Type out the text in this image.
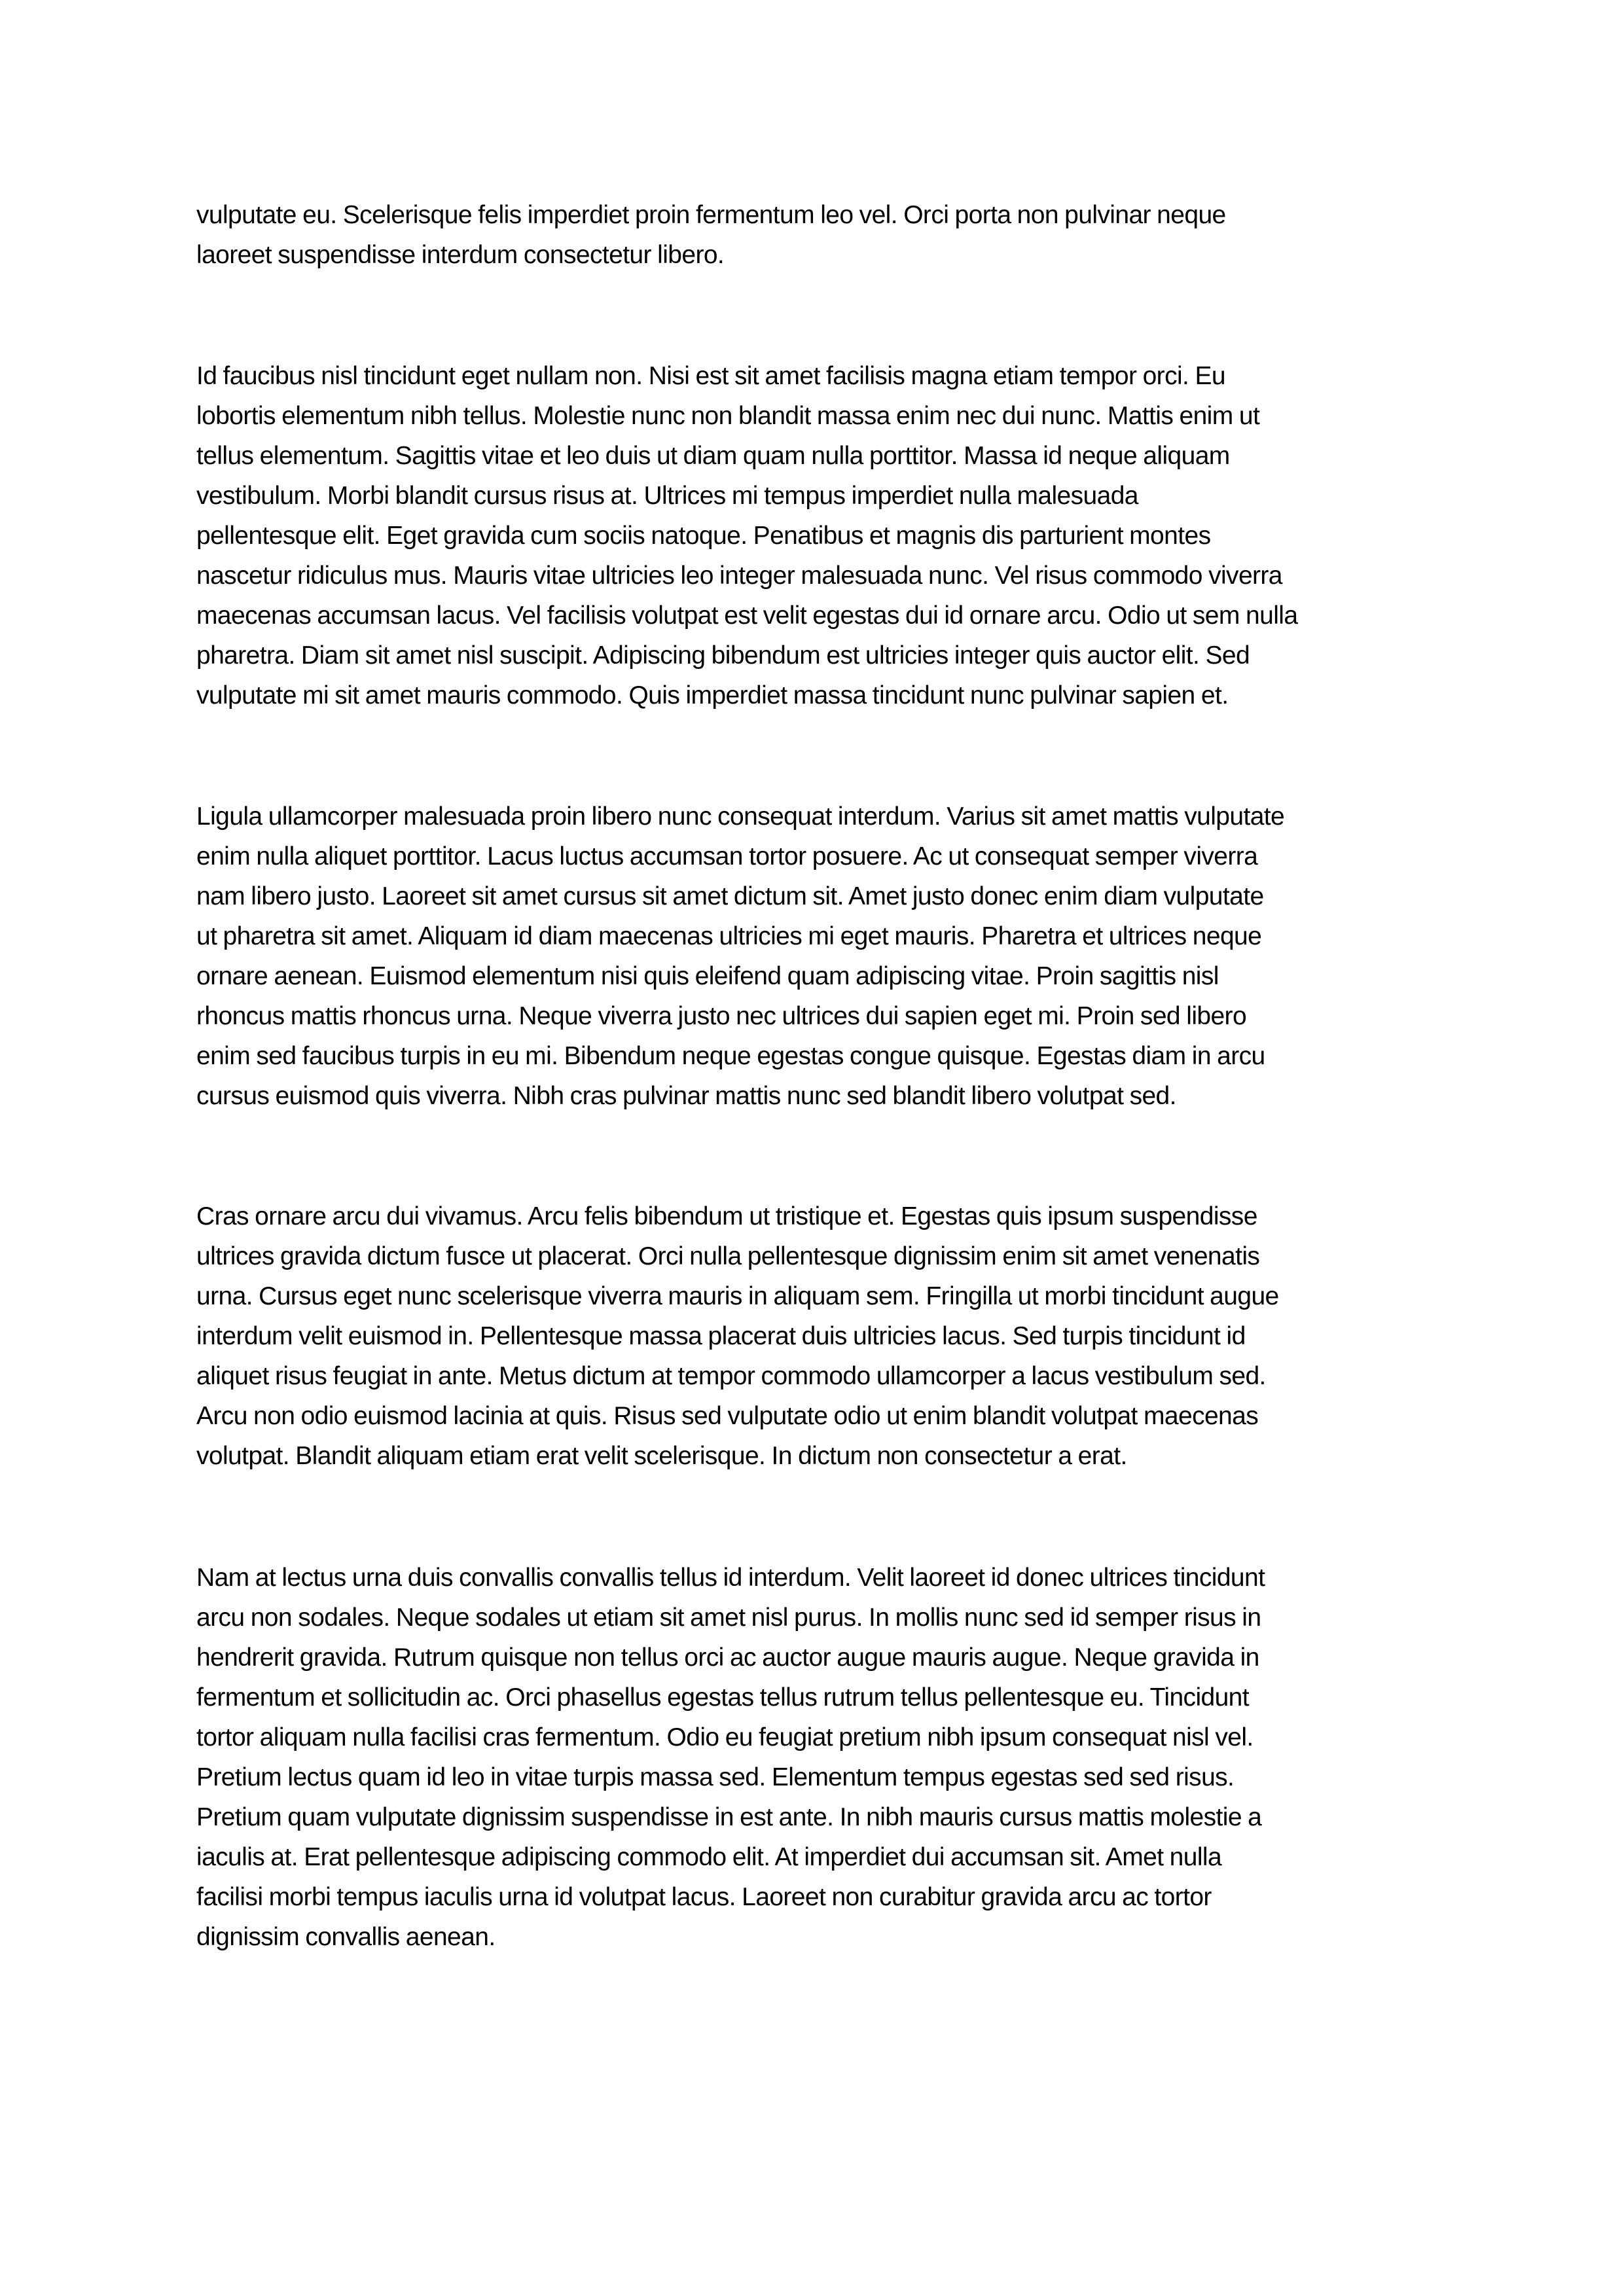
vulputate eu. Scelerisque felis imperdiet proin fermentum leo vel. Orci porta non pulvinar neque
laoreet suspendisse interdum consectetur libero.
Id faucibus nisl tincidunt eget nullam non. Nisi est sit amet facilisis magna etiam tempor orci. Eu
lobortis elementum nibh tellus. Molestie nunc non blandit massa enim nec dui nunc. Mattis enim ut
tellus elementum. Sagittis vitae et leo duis ut diam quam nulla porttitor. Massa id neque aliquam
vestibulum. Morbi blandit cursus risus at. Ultrices mi tempus imperdiet nulla malesuada
pellentesque elit. Eget gravida cum sociis natoque. Penatibus et magnis dis parturient montes
nascetur ridiculus mus. Mauris vitae ultricies leo integer malesuada nunc. Vel risus commodo viverra
maecenas accumsan lacus. Vel facilisis volutpat est velit egestas dui id ornare arcu. Odio ut sem nulla
pharetra. Diam sit amet nisl suscipit. Adipiscing bibendum est ultricies integer quis auctor elit. Sed
vulputate mi sit amet mauris commodo. Quis imperdiet massa tincidunt nunc pulvinar sapien et.
Ligula ullamcorper malesuada proin libero nunc consequat interdum. Varius sit amet mattis vulputate
enim nulla aliquet porttitor. Lacus luctus accumsan tortor posuere. Ac ut consequat semper viverra
nam libero justo. Laoreet sit amet cursus sit amet dictum sit. Amet justo donec enim diam vulputate
ut pharetra sit amet. Aliquam id diam maecenas ultricies mi eget mauris. Pharetra et ultrices neque
ornare aenean. Euismod elementum nisi quis eleifend quam adipiscing vitae. Proin sagittis nisl
rhoncus mattis rhoncus urna. Neque viverra justo nec ultrices dui sapien eget mi. Proin sed libero
enim sed faucibus turpis in eu mi. Bibendum neque egestas congue quisque. Egestas diam in arcu
cursus euismod quis viverra. Nibh cras pulvinar mattis nunc sed blandit libero volutpat sed.
Cras ornare arcu dui vivamus. Arcu felis bibendum ut tristique et. Egestas quis ipsum suspendisse
ultrices gravida dictum fusce ut placerat. Orci nulla pellentesque dignissim enim sit amet venenatis
urna. Cursus eget nunc scelerisque viverra mauris in aliquam sem. Fringilla ut morbi tincidunt augue
interdum velit euismod in. Pellentesque massa placerat duis ultricies lacus. Sed turpis tincidunt id
aliquet risus feugiat in ante. Metus dictum at tempor commodo ullamcorper a lacus vestibulum sed.
Arcu non odio euismod lacinia at quis. Risus sed vulputate odio ut enim blandit volutpat maecenas
volutpat. Blandit aliquam etiam erat velit scelerisque. In dictum non consectetur a erat.
Nam at lectus urna duis convallis convallis tellus id interdum. Velit laoreet id donec ultrices tincidunt
arcu non sodales. Neque sodales ut etiam sit amet nisl purus. In mollis nunc sed id semper risus in
hendrerit gravida. Rutrum quisque non tellus orci ac auctor augue mauris augue. Neque gravida in
fermentum et sollicitudin ac. Orci phasellus egestas tellus rutrum tellus pellentesque eu. Tincidunt
tortor aliquam nulla facilisi cras fermentum. Odio eu feugiat pretium nibh ipsum consequat nisl vel.
Pretium lectus quam id leo in vitae turpis massa sed. Elementum tempus egestas sed sed risus.
Pretium quam vulputate dignissim suspendisse in est ante. In nibh mauris cursus mattis molestie a
iaculis at. Erat pellentesque adipiscing commodo elit. At imperdiet dui accumsan sit. Amet nulla
facilisi morbi tempus iaculis urna id volutpat lacus. Laoreet non curabitur gravida arcu ac tortor
dignissim convallis aenean.
